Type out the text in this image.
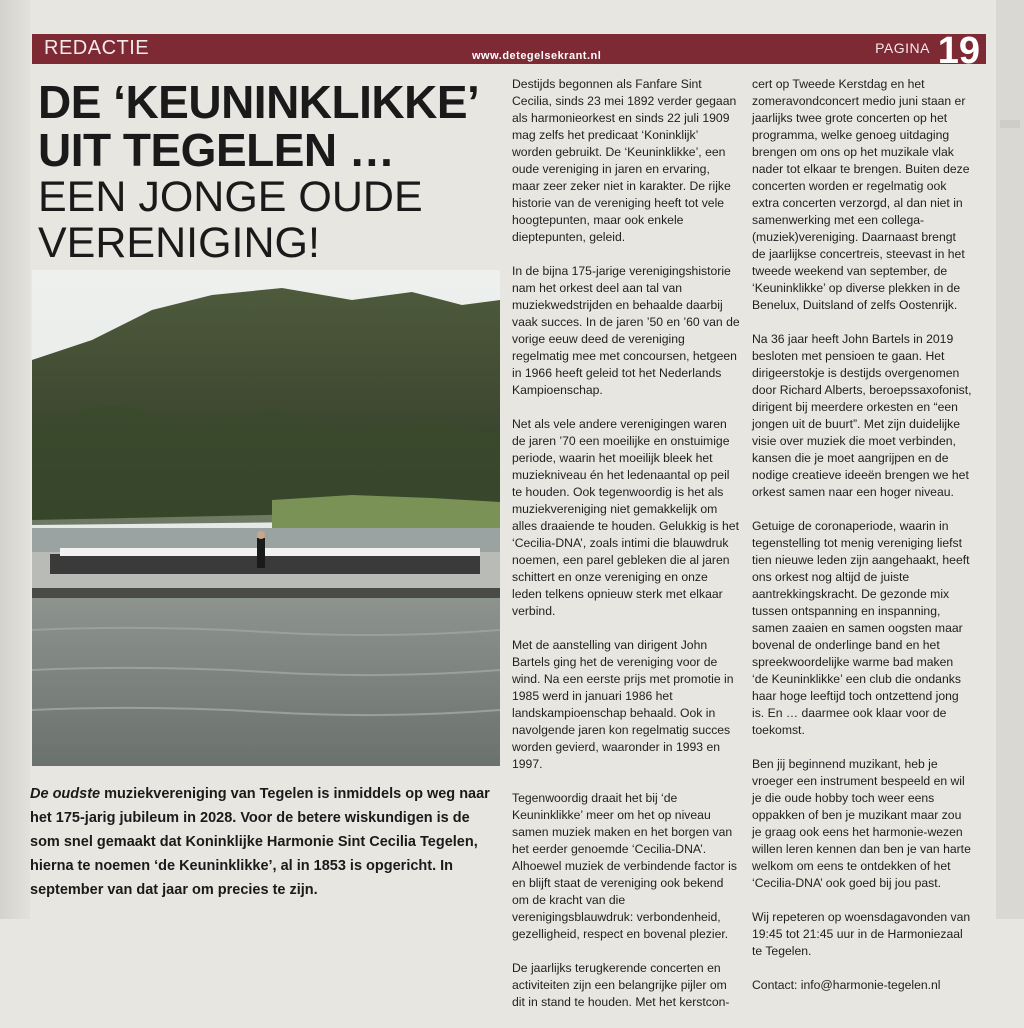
REDACTIE	www.detegelsekrant.nl	PAGINA 19
DE ‘KEUNINKLIKKE’
UIT TEGELEN …
EEN JONGE OUDE
VERENIGING!
De oudste muziekvereniging van Tegelen is inmiddels op weg naar het 175-jarig jubileum in 2028. Voor de betere wiskundigen is de som snel gemaakt dat Koninklijke Harmonie Sint Cecilia Tegelen, hierna te noemen ‘de Keuninklikke’, al in 1853 is opgericht. In september van dat jaar om precies te zijn.

Destijds begonnen als Fanfare Sint Cecilia, sinds 23 mei 1892 verder gegaan als harmonieorkest en sinds 22 juli 1909 mag zelfs het predicaat ‘Koninklijk’ worden gebruikt. De ‘Keuninklikke’, een oude vereniging in jaren en ervaring, maar zeer zeker niet in karakter. De rijke historie van de vereniging heeft tot vele hoogtepunten, maar ook enkele dieptepunten, geleid.

In de bijna 175-jarige verenigingshistorie nam het orkest deel aan tal van muziekwedstrijden en behaalde daarbij vaak succes. In de jaren ’50 en ’60 van de vorige eeuw deed de vereniging regelmatig mee met concoursen, hetgeen in 1966 heeft geleid tot het Nederlands Kampioenschap.

Net als vele andere verenigingen waren de jaren ’70 een moeilijke en onstuimige periode, waarin het moeilijk bleek het muziekniveau én het ledenaantal op peil te houden. Ook tegenwoordig is het als muziekvereniging niet gemakkelijk om alles draaiende te houden. Gelukkig is het ‘Cecilia-DNA’, zoals intimi die blauwdruk noemen, een parel gebleken die al jaren schittert en onze vereniging en onze leden telkens opnieuw sterk met elkaar verbind.

Met de aanstelling van dirigent John Bartels ging het de vereniging voor de wind. Na een eerste prijs met promotie in 1985 werd in januari 1986 het landskampioenschap behaald. Ook in navolgende jaren kon regelmatig succes worden gevierd, waaronder in 1993 en 1997.

Tegenwoordig draait het bij ‘de Keuninklikke’ meer om het op niveau samen muziek maken en het borgen van het eerder genoemde ‘Cecilia-DNA’. Alhoewel muziek de verbindende factor is en blijft staat de vereniging ook bekend om de kracht van die verenigingsblauwdruk: verbondenheid, gezelligheid, respect en bovenal plezier.

De jaarlijks terugkerende concerten en activiteiten zijn een belangrijke pijler om dit in stand te houden. Met het kerstcon-

cert op Tweede Kerstdag en het zomeravondconcert medio juni staan er jaarlijks twee grote concerten op het programma, welke genoeg uitdaging brengen om ons op het muzikale vlak nader tot elkaar te brengen. Buiten deze concerten worden er regelmatig ook extra concerten verzorgd, al dan niet in samenwerking met een collega-(muziek)vereniging. Daarnaast brengt de jaarlijkse concertreis, steevast in het tweede weekend van september, de ‘Keuninklikke’ op diverse plekken in de Benelux, Duitsland of zelfs Oostenrijk.

Na 36 jaar heeft John Bartels in 2019 besloten met pensioen te gaan. Het dirigeerstokje is destijds overgenomen door Richard Alberts, beroepssaxofonist, dirigent bij meerdere orkesten en “een jongen uit de buurt”. Met zijn duidelijke visie over muziek die moet verbinden, kansen die je moet aangrijpen en de nodige creatieve ideeën brengen we het orkest samen naar een hoger niveau.

Getuige de coronaperiode, waarin in tegenstelling tot menig vereniging liefst tien nieuwe leden zijn aangehaakt, heeft ons orkest nog altijd de juiste aantrekkingskracht. De gezonde mix tussen ontspanning en inspanning, samen zaaien en samen oogsten maar bovenal de onderlinge band en het spreekwoordelijke warme bad maken ‘de Keuninklikke’ een club die ondanks haar hoge leeftijd toch ontzettend jong is. En … daarmee ook klaar voor de toekomst.

Ben jij beginnend muzikant, heb je vroeger een instrument bespeeld en wil je die oude hobby toch weer eens oppakken of ben je muzikant maar zou je graag ook eens het harmonie-wezen willen leren kennen dan ben je van harte welkom om eens te ontdekken of het ‘Cecilia-DNA’ ook goed bij jou past.

Wij repeteren op woensdagavonden van 19:45 tot 21:45 uur in de Harmoniezaal te Tegelen.

Contact: info@harmonie-tegelen.nl
